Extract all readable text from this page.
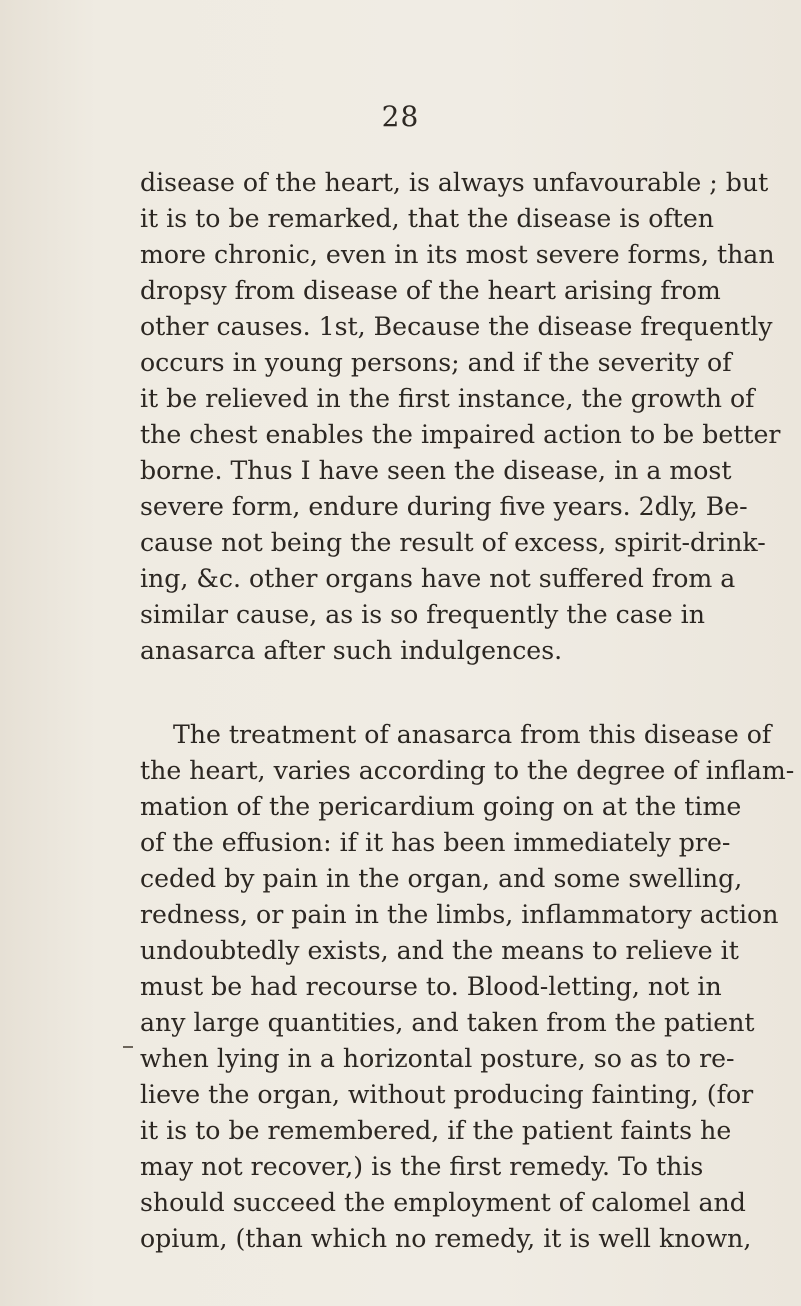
28
disease of the heart, is always unfavourable ; but
it is to be remarked, that the disease is often
more chronic, even in its most severe forms, than
dropsy from disease of the heart arising from
other causes. 1st, Because the disease frequently
occurs in young persons; and if the severity of
it be relieved in the first instance, the growth of
the chest enables the impaired action to be better
borne. Thus I have seen the disease, in a most
severe form, endure during five years. 2dly, Be-
cause not being the result of excess, spirit-drink-
ing, &c. other organs have not suffered from a
similar cause, as is so frequently the case in
anasarca after such indulgences.
The treatment of anasarca from this disease of
the heart, varies according to the degree of inflam-
mation of the pericardium going on at the time
of the effusion: if it has been immediately pre-
ceded by pain in the organ, and some swelling,
redness, or pain in the limbs, inflammatory action
undoubtedly exists, and the means to relieve it
must be had recourse to. Blood-letting, not in
any large quantities, and taken from the patient
when lying in a horizontal posture, so as to re-
lieve the organ, without producing fainting, (for
it is to be remembered, if the patient faints he
may not recover,) is the first remedy. To this
should succeed the employment of calomel and
opium, (than which no remedy, it is well known,
